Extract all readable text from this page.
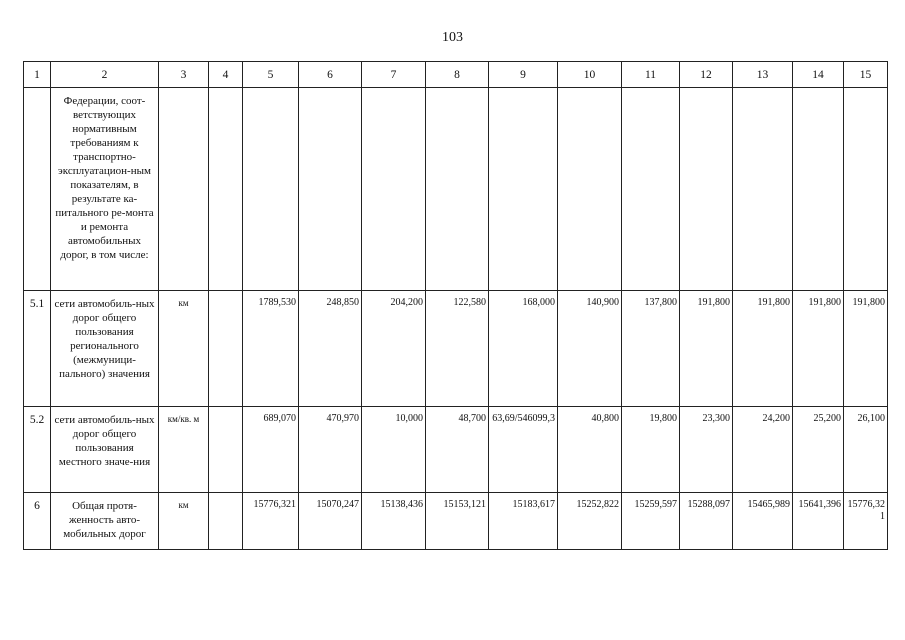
103
1	2	3	4	5	6	7	8	9	10	11	12	13	14	15
	Федерации, соот-ветствующих нормативным требованиям к транспортно-эксплуатацион-ным показателям, в результате ка-питального ре-монта и ремонта автомобильных дорог, в том числе:													
5.1	сети автомобиль-ных дорог общего пользования регионального (межмуници-пального) значения	км		1789,530	248,850	204,200	122,580	168,000	140,900	137,800	191,800	191,800	191,800	191,800
5.2	сети автомобиль-ных дорог общего пользования местного значе-ния	км/кв. м		689,070	470,970	10,000	48,700	63,69/546099,3	40,800	19,800	23,300	24,200	25,200	26,100
6	Общая протя-женность авто-мобильных дорог	км		15776,321	15070,247	15138,436	15153,121	15183,617	15252,822	15259,597	15288,097	15465,989	15641,396	15776,321
